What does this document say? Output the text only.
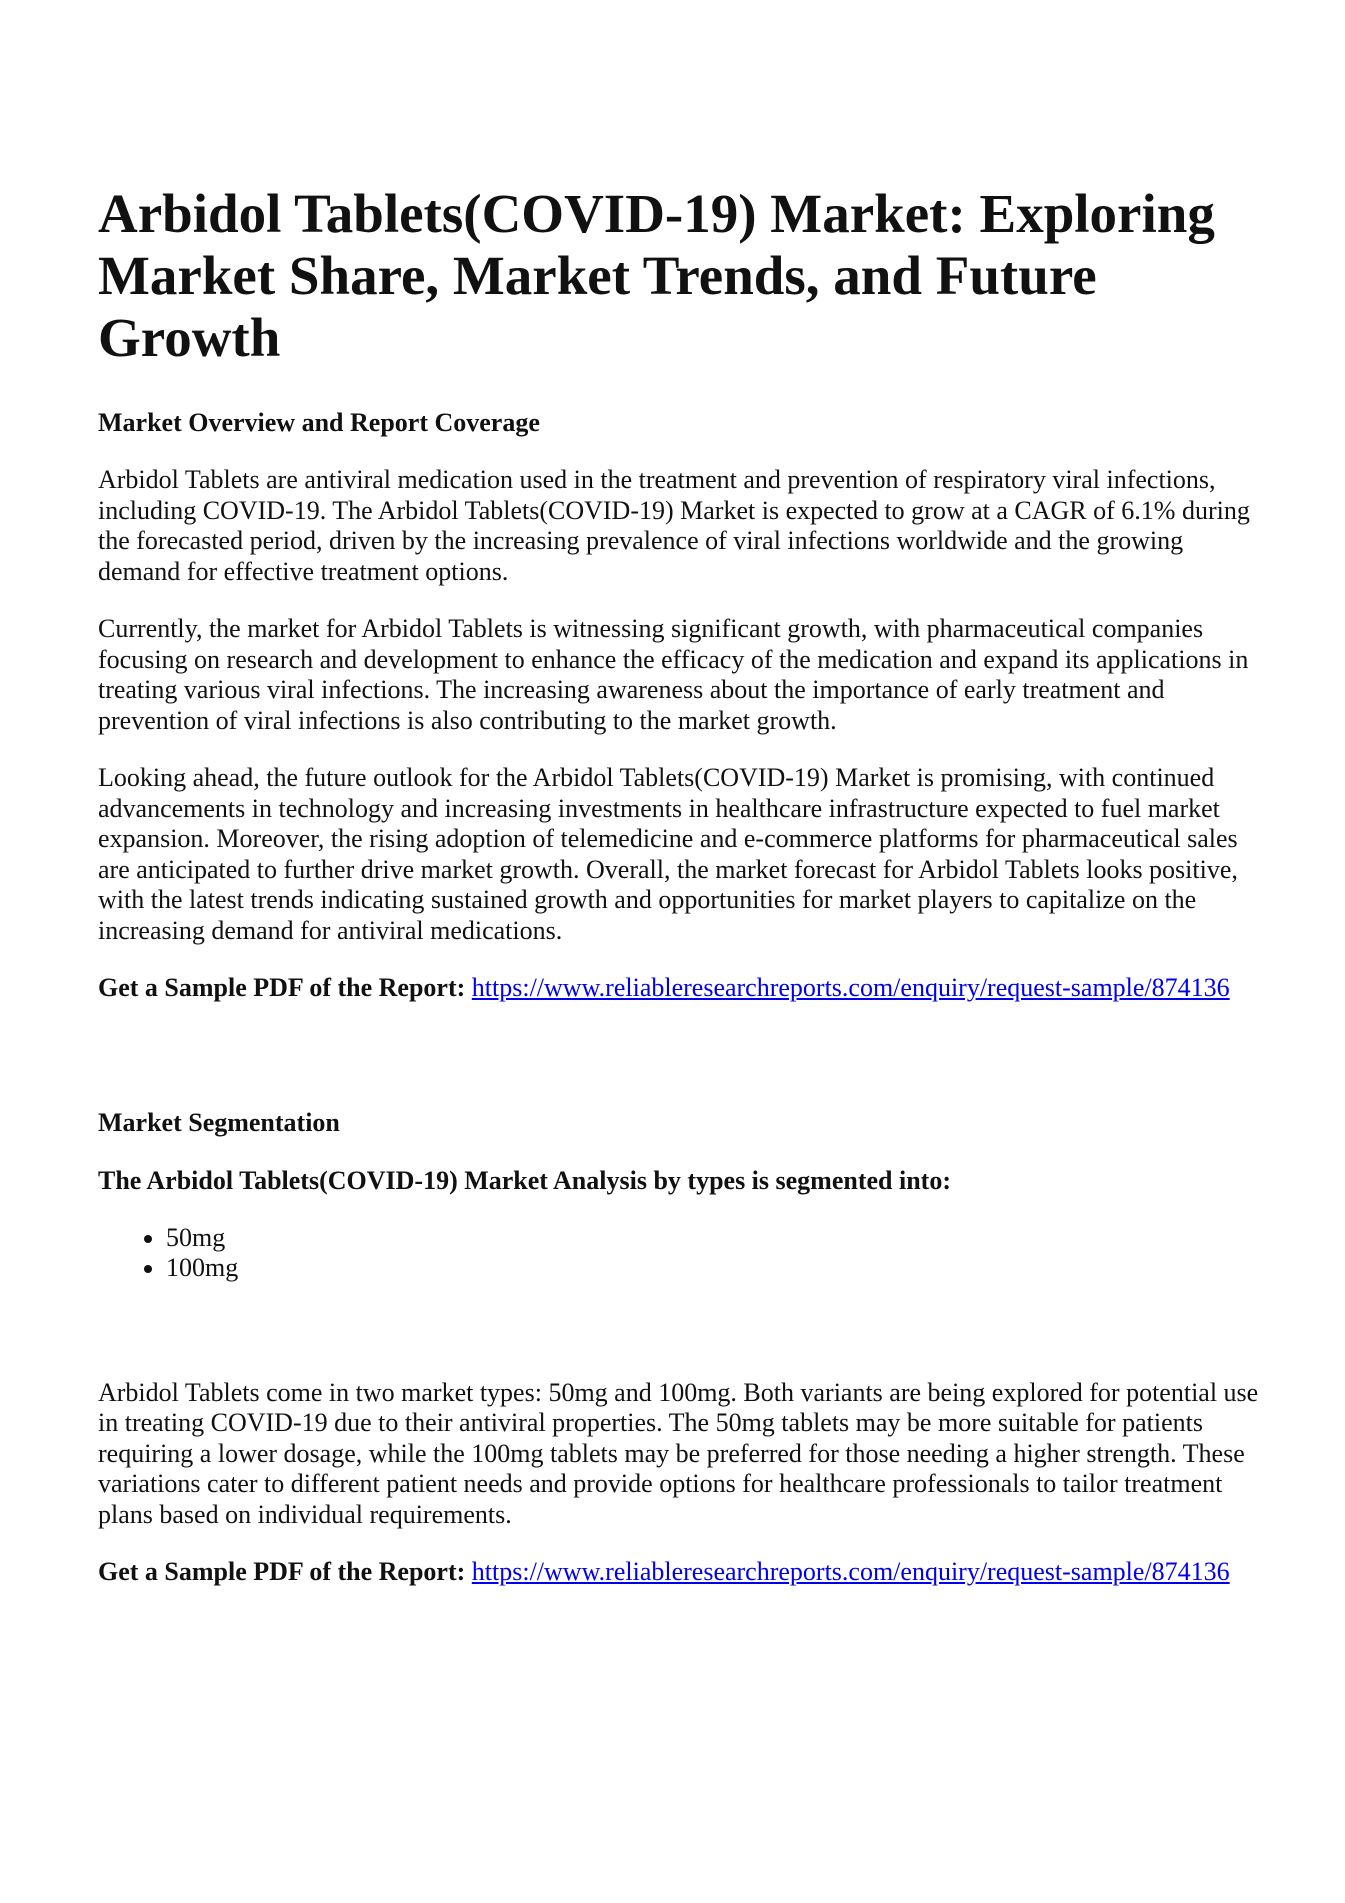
Arbidol Tablets(COVID-19) Market: Exploring Market Share, Market Trends, and Future Growth
Market Overview and Report Coverage

Arbidol Tablets are antiviral medication used in the treatment and prevention of respiratory viral infections, including COVID-19. The Arbidol Tablets(COVID-19) Market is expected to grow at a CAGR of 6.1% during the forecasted period, driven by the increasing prevalence of viral infections worldwide and the growing demand for effective treatment options.

Currently, the market for Arbidol Tablets is witnessing significant growth, with pharmaceutical companies focusing on research and development to enhance the efficacy of the medication and expand its applications in treating various viral infections. The increasing awareness about the importance of early treatment and prevention of viral infections is also contributing to the market growth.

Looking ahead, the future outlook for the Arbidol Tablets(COVID-19) Market is promising, with continued advancements in technology and increasing investments in healthcare infrastructure expected to fuel market expansion. Moreover, the rising adoption of telemedicine and e-commerce platforms for pharmaceutical sales are anticipated to further drive market growth. Overall, the market forecast for Arbidol Tablets looks positive, with the latest trends indicating sustained growth and opportunities for market players to capitalize on the increasing demand for antiviral medications.

Get a Sample PDF of the Report: https://www.reliableresearchreports.com/enquiry/request-sample/874136

Market Segmentation
The Arbidol Tablets(COVID-19) Market Analysis by types is segmented into:
• 50mg
• 100mg

Arbidol Tablets come in two market types: 50mg and 100mg. Both variants are being explored for potential use in treating COVID-19 due to their antiviral properties. The 50mg tablets may be more suitable for patients requiring a lower dosage, while the 100mg tablets may be preferred for those needing a higher strength. These variations cater to different patient needs and provide options for healthcare professionals to tailor treatment plans based on individual requirements.

Get a Sample PDF of the Report: https://www.reliableresearchreports.com/enquiry/request-sample/874136
